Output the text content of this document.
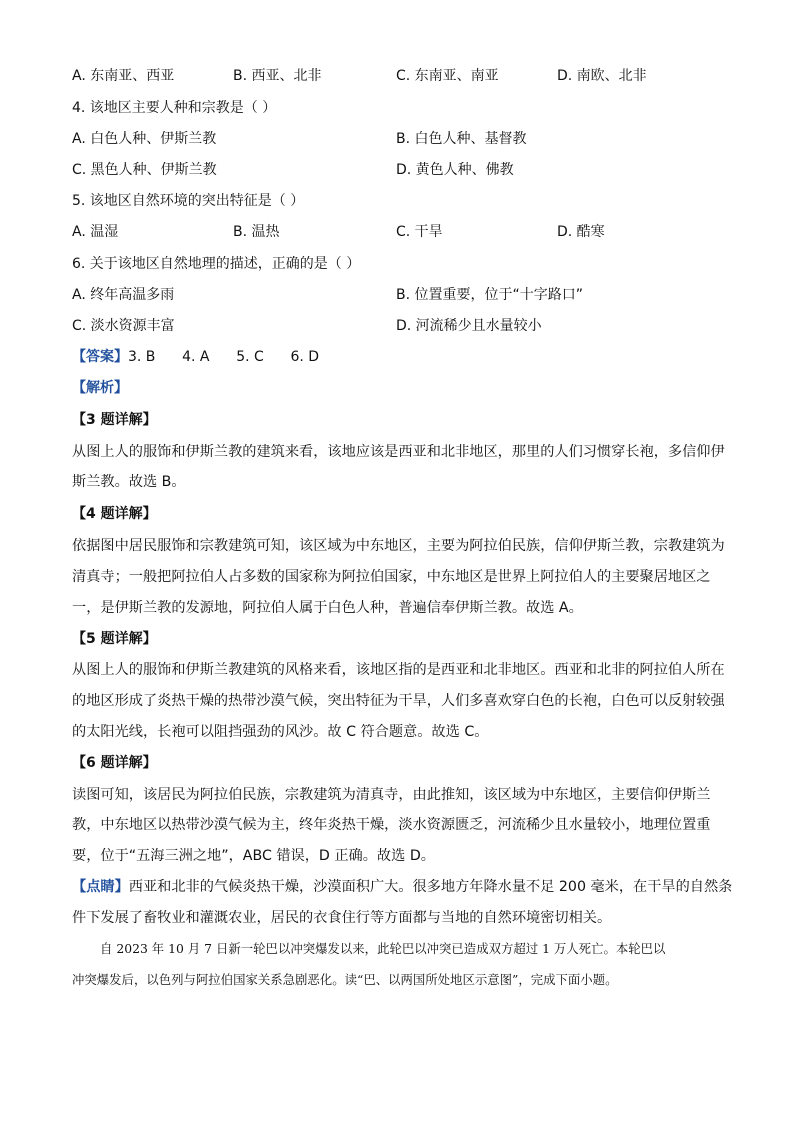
A. 东南亚、西亚	B. 西亚、北非	C. 东南亚、南亚	D. 南欧、北非
4. 该地区主要人种和宗教是（ ）
A. 白色人种、伊斯兰教	B. 白色人种、基督教
C. 黑色人种、伊斯兰教	D. 黄色人种、佛教
5. 该地区自然环境的突出特征是（ ）
A. 温湿	B. 温热	C. 干旱	D. 酷寒
6. 关于该地区自然地理的描述，正确的是（ ）
A. 终年高温多雨	B. 位置重要，位于“十字路口”
C. 淡水资源丰富	D. 河流稀少且水量较小
【答案】3. B      4. A      5. C      6. D
【解析】
【3 题详解】
从图上人的服饰和伊斯兰教的建筑来看，该地应该是西亚和北非地区，那里的人们习惯穿长袍，多信仰伊
斯兰教。故选 B。
【4 题详解】
依据图中居民服饰和宗教建筑可知，该区域为中东地区，主要为阿拉伯民族，信仰伊斯兰教，宗教建筑为
清真寺；一般把阿拉伯人占多数的国家称为阿拉伯国家，中东地区是世界上阿拉伯人的主要聚居地区之
一，是伊斯兰教的发源地，阿拉伯人属于白色人种，普遍信奉伊斯兰教。故选 A。
【5 题详解】
从图上人的服饰和伊斯兰教建筑的风格来看，该地区指的是西亚和北非地区。西亚和北非的阿拉伯人所在
的地区形成了炎热干燥的热带沙漠气候，突出特征为干旱，人们多喜欢穿白色的长袍，白色可以反射较强
的太阳光线，长袍可以阻挡强劲的风沙。故 C 符合题意。故选 C。
【6 题详解】
读图可知，该居民为阿拉伯民族，宗教建筑为清真寺，由此推知，该区域为中东地区，主要信仰伊斯兰
教，中东地区以热带沙漠气候为主，终年炎热干燥，淡水资源匮乏，河流稀少且水量较小，地理位置重
要，位于“五海三洲之地”，ABC 错误，D 正确。故选 D。
【点睛】西亚和北非的气候炎热干燥，沙漠面积广大。很多地方年降水量不足 200 毫米，在干旱的自然条
件下发展了畜牧业和灌溉农业，居民的衣食住行等方面都与当地的自然环境密切相关。
自 2023 年 10 月 7 日新一轮巴以冲突爆发以来，此轮巴以冲突已造成双方超过 1 万人死亡。本轮巴以
冲突爆发后，以色列与阿拉伯国家关系急剧恶化。读“巴、以两国所处地区示意图”，完成下面小题。
